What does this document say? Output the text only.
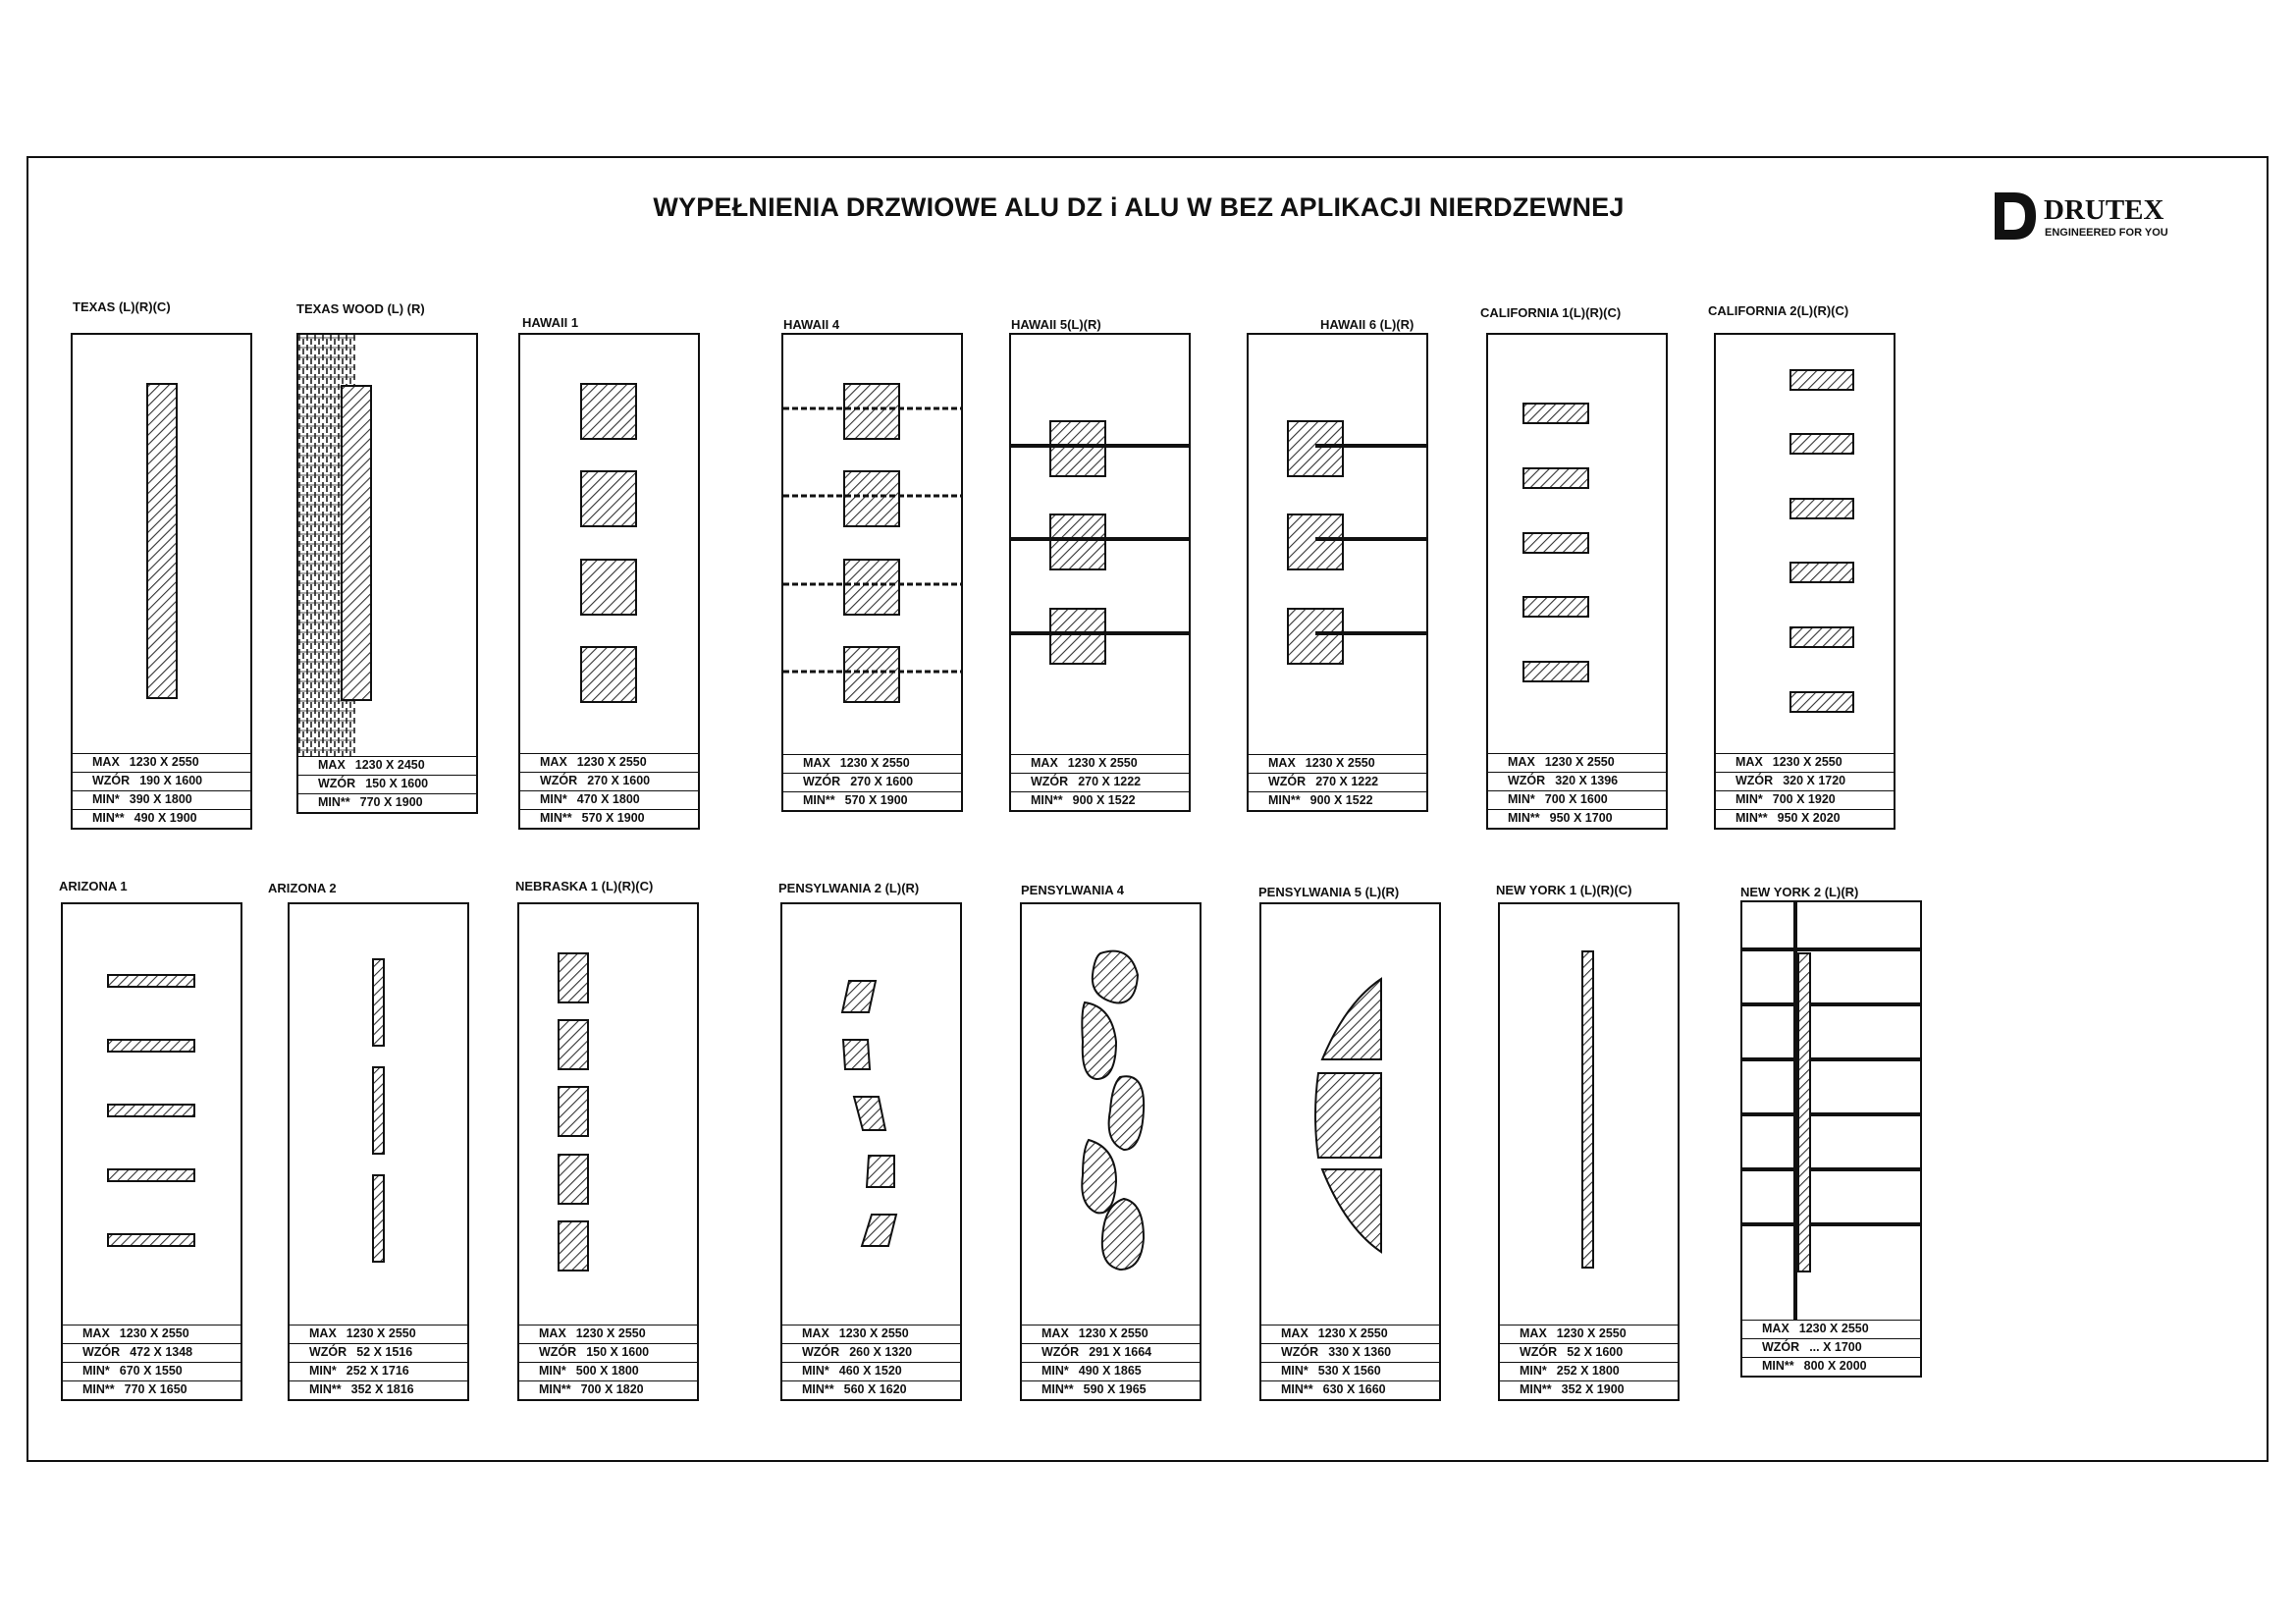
WYPEŁNIENIA DRZWIOWE ALU DZ i ALU W BEZ APLIKACJI NIERDZEWNEJ	DRUTEX
ENGINEERED FOR YOU
TEXAS (L)(R)(C)
MAX 1230 X 2550
WZÓR 190 X 1600
MIN* 390 X 1800
MIN** 490 X 1900
TEXAS WOOD (L) (R)
MAX 1230 X 2450
WZÓR 150 X 1600
MIN** 770 X 1900
HAWAII 1
MAX 1230 X 2550
WZÓR 270 X 1600
MIN* 470 X 1800
MIN** 570 X 1900
HAWAII 4
MAX 1230 X 2550
WZÓR 270 X 1600
MIN** 570 X 1900
HAWAII 5(L)(R)
MAX 1230 X 2550
WZÓR 270 X 1222
MIN** 900 X 1522
HAWAII 6 (L)(R)
MAX 1230 X 2550
WZÓR 270 X 1222
MIN** 900 X 1522
CALIFORNIA 1(L)(R)(C)
MAX 1230 X 2550
WZÓR 320 X 1396
MIN* 700 X 1600
MIN** 950 X 1700
CALIFORNIA 2(L)(R)(C)
MAX 1230 X 2550
WZÓR 320 X 1720
MIN* 700 X 1920
MIN** 950 X 2020
ARIZONA 1
MAX 1230 X 2550
WZÓR 472 X 1348
MIN* 670 X 1550
MIN** 770 X 1650
ARIZONA 2
MAX 1230 X 2550
WZÓR 52 X 1516
MIN* 252 X 1716
MIN** 352 X 1816
NEBRASKA 1 (L)(R)(C)
MAX 1230 X 2550
WZÓR 150 X 1600
MIN* 500 X 1800
MIN** 700 X 1820
PENSYLWANIA 2 (L)(R)
MAX 1230 X 2550
WZÓR 260 X 1320
MIN* 460 X 1520
MIN** 560 X 1620
PENSYLWANIA 4
MAX 1230 X 2550
WZÓR 291 X 1664
MIN* 490 X 1865
MIN** 590 X 1965
PENSYLWANIA 5 (L)(R)
MAX 1230 X 2550
WZÓR 330 X 1360
MIN* 530 X 1560
MIN** 630 X 1660
NEW YORK 1 (L)(R)(C)
MAX 1230 X 2550
WZÓR 52 X 1600
MIN* 252 X 1800
MIN** 352 X 1900
NEW YORK 2 (L)(R)
MAX 1230 X 2550
WZÓR ... X 1700
MIN** 800 X 2000
